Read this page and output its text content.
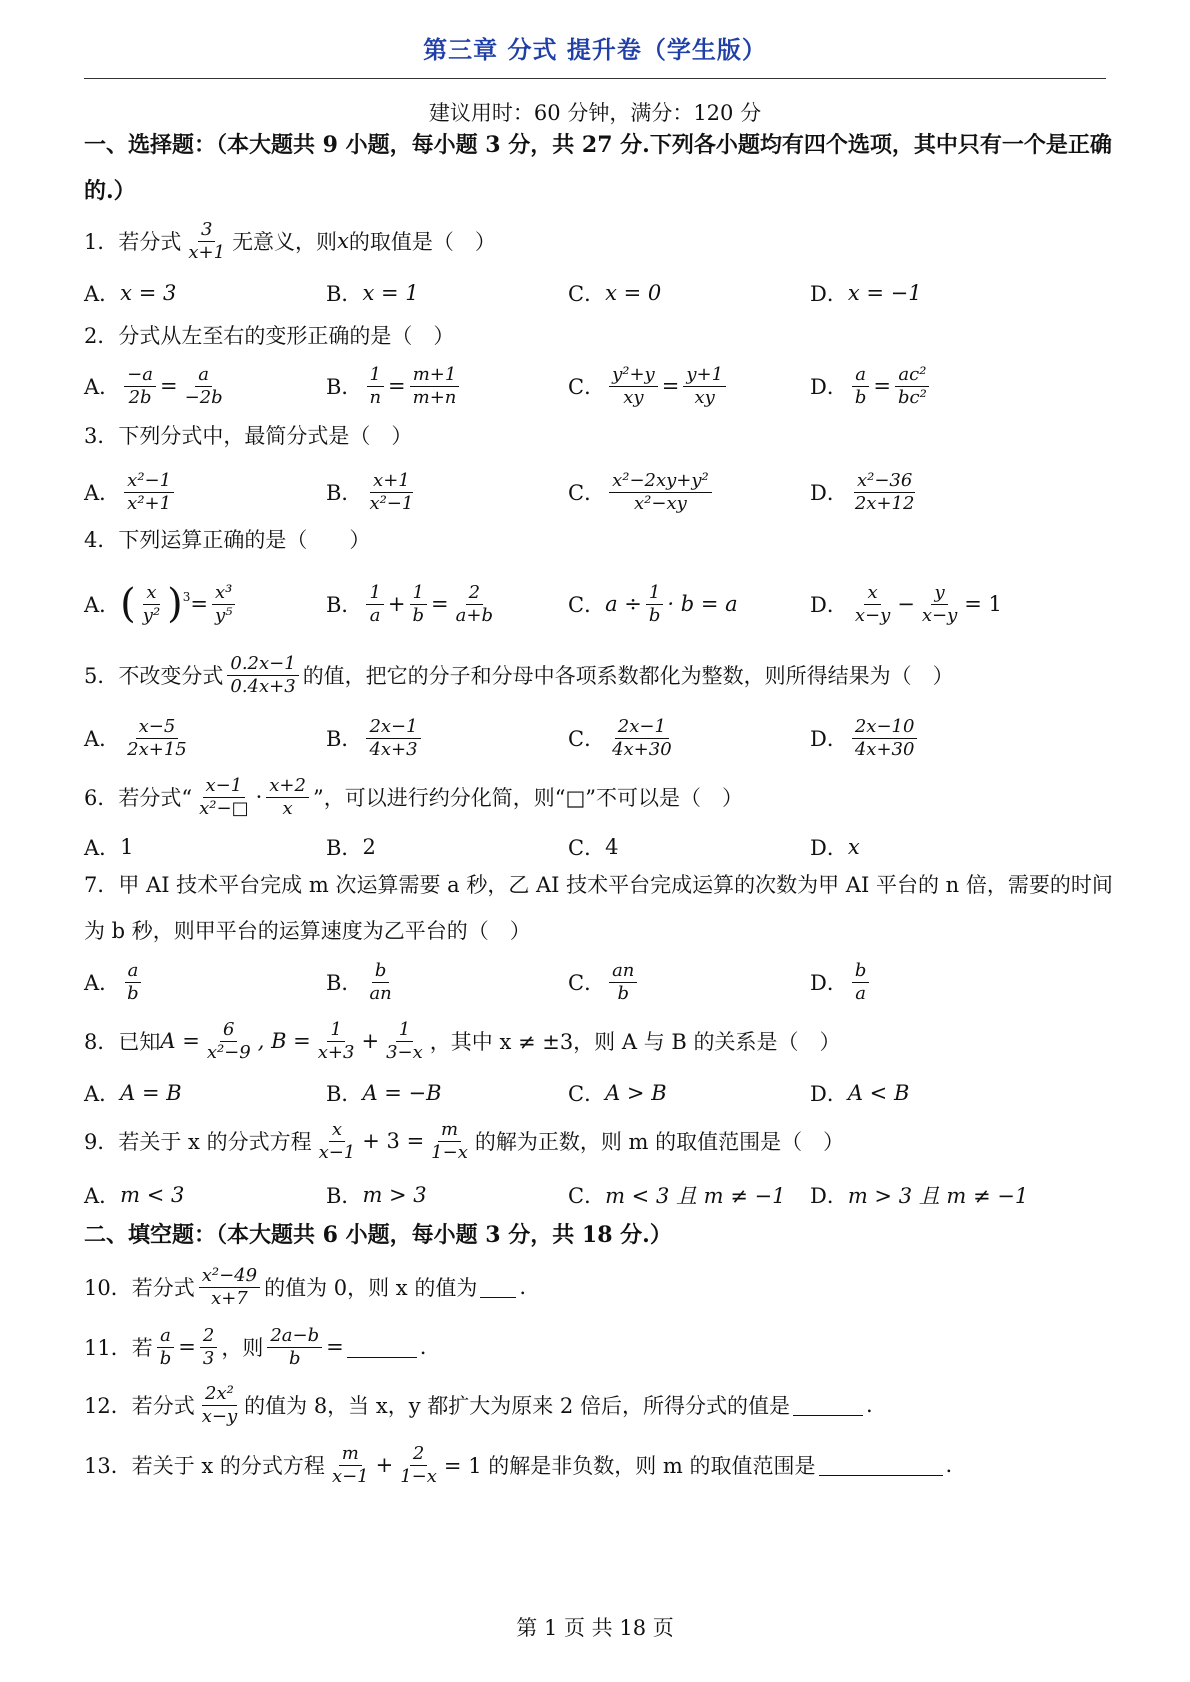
第三章 分式 提升卷（学生版）
建议用时：60 分钟，满分：120 分
一、选择题：（本大题共 9 小题，每小题 3 分，共 27 分.下列各小题均有四个选项，其中只有一个是正确的.）
1． 若分式 $\frac{3}{x+1}$ 无意义，则 x 的取值是（　）
A． x = 3	B． x = 1	C． x = 0	D． x = −1
2． 分式从左至右的变形正确的是（　）
A． $\frac{-a}{2b} = \frac{a}{-2b}$	B． $\frac{1}{n} = \frac{m+1}{m+n}$	C． $\frac{\text{y²+y}}{xy} = \frac{y+1}{xy}$	D． $\frac{a}{b} = \frac{\text{ac²}}{\text{bc²}}$
3． 下列分式中，最简分式是（　）
A． $\frac{\text{x²−1}}{\text{x²+1}}$	B． $\frac{x+1}{\text{x²−1}}$	C． $\frac{\text{x²−2xy+y²}}{\text{x²−xy}}$	D． $\frac{\text{x²−36}}{2x+12}$
4． 下列运算正确的是（　　）
A． ( $\frac{x}{\text{y²}} )^3 = \frac{\text{x³}}{\text{y⁵}}$	B． $\frac{1}{a} + \frac{1}{b} = \frac{2}{a+b}$	C． $a \div \frac{1}{b} \cdot b = a$	D． $\frac{x}{x-y} - \frac{y}{x-y} = 1$
5． 不改变分式 $\frac{0.2x-1}{0.4x+3}$ 的值，把它的分子和分母中各项系数都化为整数，则所得结果为（　）
A． $\frac{x-5}{2x+15}$	B． $\frac{2x-1}{4x+3}$	C． $\frac{2x-1}{4x+30}$	D． $\frac{2x-10}{4x+30}$
6． 若分式“ $\frac{x-1}{\text{x²−□}} \cdot \frac{x+2}{x}$ ”，可以进行约分化简，则“□”不可以是（　）
A． 1	B． 2	C． 4	D． x
7．甲 AI 技术平台完成 m 次运算需要 a 秒，乙 AI 技术平台完成运算的次数为甲 AI 平台的 n 倍，需要的时间为 b 秒，则甲平台的运算速度为乙平台的（　）
A． $\frac{a}{b}$	B． $\frac{b}{an}$	C． $\frac{an}{b}$	D． $\frac{b}{a}$
8． 已知 $A = \frac{6}{\text{x²−9}}$ , $B = \frac{1}{x+3} + \frac{1}{3-x}$ ，其中 x ≠ ±3，则 A 与 B 的关系是（　）
A． A = B	B． A = −B	C． A > B	D． A < B
9． 若关于 x 的分式方程 $\frac{x}{x-1} + 3 = \frac{m}{1-x}$ 的解为正数，则 m 的取值范围是（　）
A． m < 3	B． m > 3	C． m < 3 且 m ≠ −1 D． m > 3 且 m ≠ −1
二、填空题：（本大题共 6 小题，每小题 3 分，共 18 分.）
10． 若分式 $\frac{\text{x²−49}}{x+7}$ 的值为 0，则 x 的值为 .
11． 若 $\frac{a}{b} = \frac{2}{3}$ ，则 $\frac{2a-b}{b}$ =	.
12． 若分式 $\frac{\text{2x²}}{x-y}$ 的值为 8，当 x，y 都扩大为原来 2 倍后，所得分式的值是	.
13． 若关于 x 的分式方程 $\frac{m}{x-1} + \frac{2}{1-x} = 1$ 的解是非负数，则 m 的取值范围是	.
第 1 页 共 18 页
